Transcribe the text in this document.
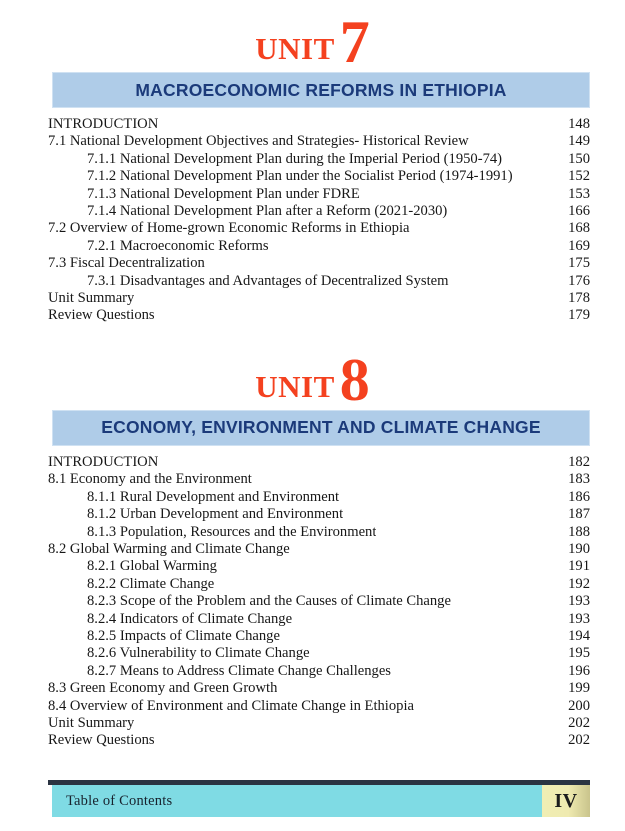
UNIT7
MACROECONOMIC REFORMS IN ETHIOPIA
INTRODUCTION	148
7.1 National Development Objectives and Strategies- Historical Review	149
7.1.1 National Development Plan during the Imperial Period (1950-74)	150
7.1.2 National Development Plan under the Socialist Period (1974-1991)	152
7.1.3 National Development Plan under FDRE	153
7.1.4 National Development Plan after a Reform (2021-2030)	166
7.2 Overview of Home-grown Economic Reforms in Ethiopia	168
7.2.1 Macroeconomic Reforms	169
7.3 Fiscal Decentralization	175
7.3.1 Disadvantages and Advantages of Decentralized System	176
Unit Summary	178
Review Questions	179
UNIT8
ECONOMY, ENVIRONMENT AND CLIMATE CHANGE
INTRODUCTION	182
8.1 Economy and the Environment	183
8.1.1 Rural Development and Environment	186
8.1.2 Urban Development and Environment	187
8.1.3 Population, Resources and the Environment	188
8.2 Global Warming and Climate Change	190
8.2.1 Global Warming	191
8.2.2 Climate Change	192
8.2.3 Scope of the Problem and the Causes of Climate Change	193
8.2.4 Indicators of Climate Change	193
8.2.5 Impacts of Climate Change	194
8.2.6 Vulnerability to Climate Change	195
8.2.7 Means to Address Climate Change Challenges	196
8.3 Green Economy and Green Growth	199
8.4 Overview of Environment and Climate Change in Ethiopia	200
Unit Summary	202
Review Questions	202
Table of Contents	IV
